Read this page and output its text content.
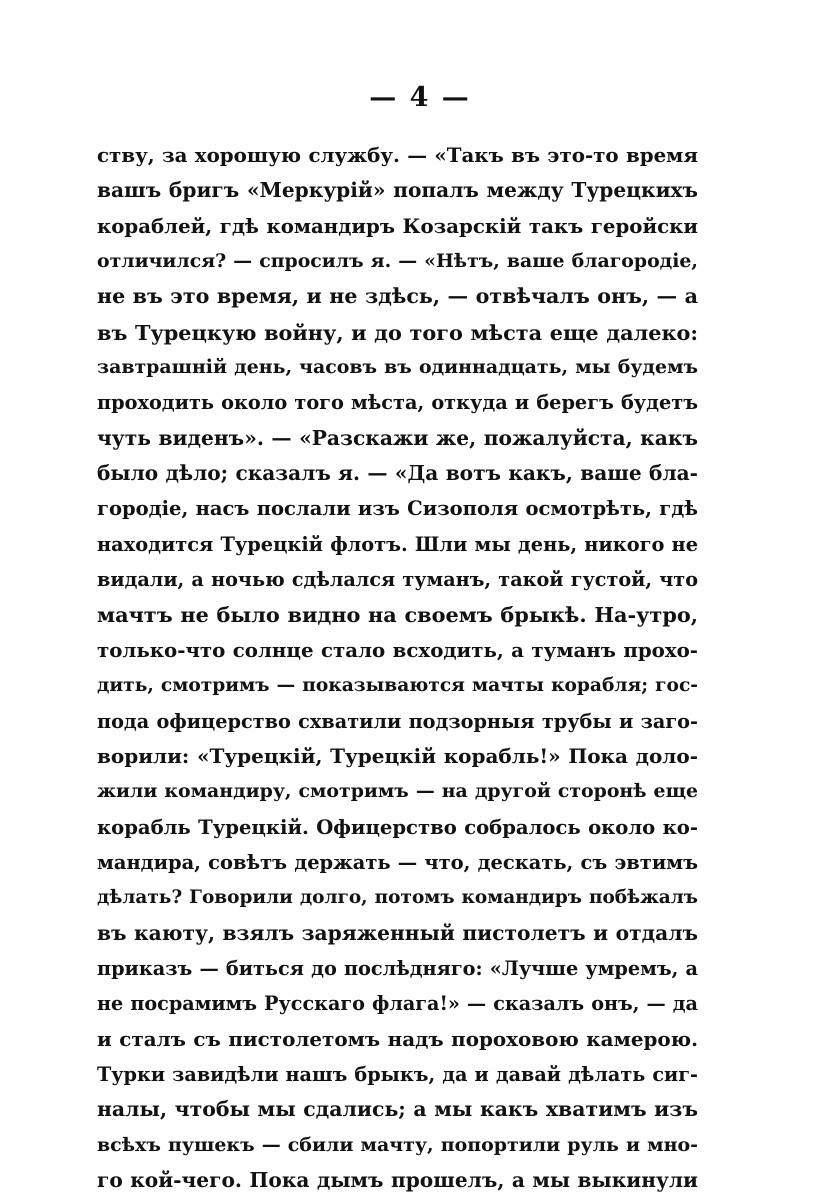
— 4 —
ству, за хорошую службу. — «Такъ въ это-то время
вашъ бригъ «Меркурій» попалъ между Турецкихъ
кораблей, гдѣ командиръ Козарскій такъ геройски
отличился? — спросилъ я. — «Нѣтъ, ваше благородіе,
не въ это время, и не здѣсь, — отвѣчалъ онъ, — а
въ Турецкую войну, и до того мѣста еще далеко:
завтрашній день, часовъ въ одиннадцать, мы будемъ
проходить около того мѣста, откуда и берегъ будетъ
чуть виденъ». — «Разскажи же, пожалуйста, какъ
было дѣло; сказалъ я. — «Да вотъ какъ, ваше бла-
городіе, насъ послали изъ Сизополя осмотрѣть, гдѣ
находится Турецкій флотъ. Шли мы день, никого не
видали, а ночью сдѣлался туманъ, такой густой, что
мачтъ не было видно на своемъ брыкѣ. На-утро,
только-что солнце стало всходить, а туманъ прохо-
дить, смотримъ — показываются мачты корабля; гос-
пода офицерство схватили подзорныя трубы и заго-
ворили: «Турецкій, Турецкій корабль!» Пока доло-
жили командиру, смотримъ — на другой сторонѣ еще
корабль Турецкій. Офицерство собралось около ко-
мандира, совѣтъ держать — что, дескать, съ эвтимъ
дѣлать? Говорили долго, потомъ командиръ побѣжалъ
въ каюту, взялъ заряженный пистолетъ и отдалъ
приказъ — биться до послѣдняго: «Лучше умремъ, а
не посрамимъ Русскаго флага!» — сказалъ онъ, — да
и сталъ съ пистолетомъ надъ пороховою камерою.
Турки завидѣли нашъ брыкъ, да и давай дѣлать сиг-
налы, чтобы мы сдались; а мы какъ хватимъ изъ
всѣхъ пушекъ — сбили мачту, попортили руль и мно-
го кой-чего. Пока дымъ прошелъ, а мы выкинули
